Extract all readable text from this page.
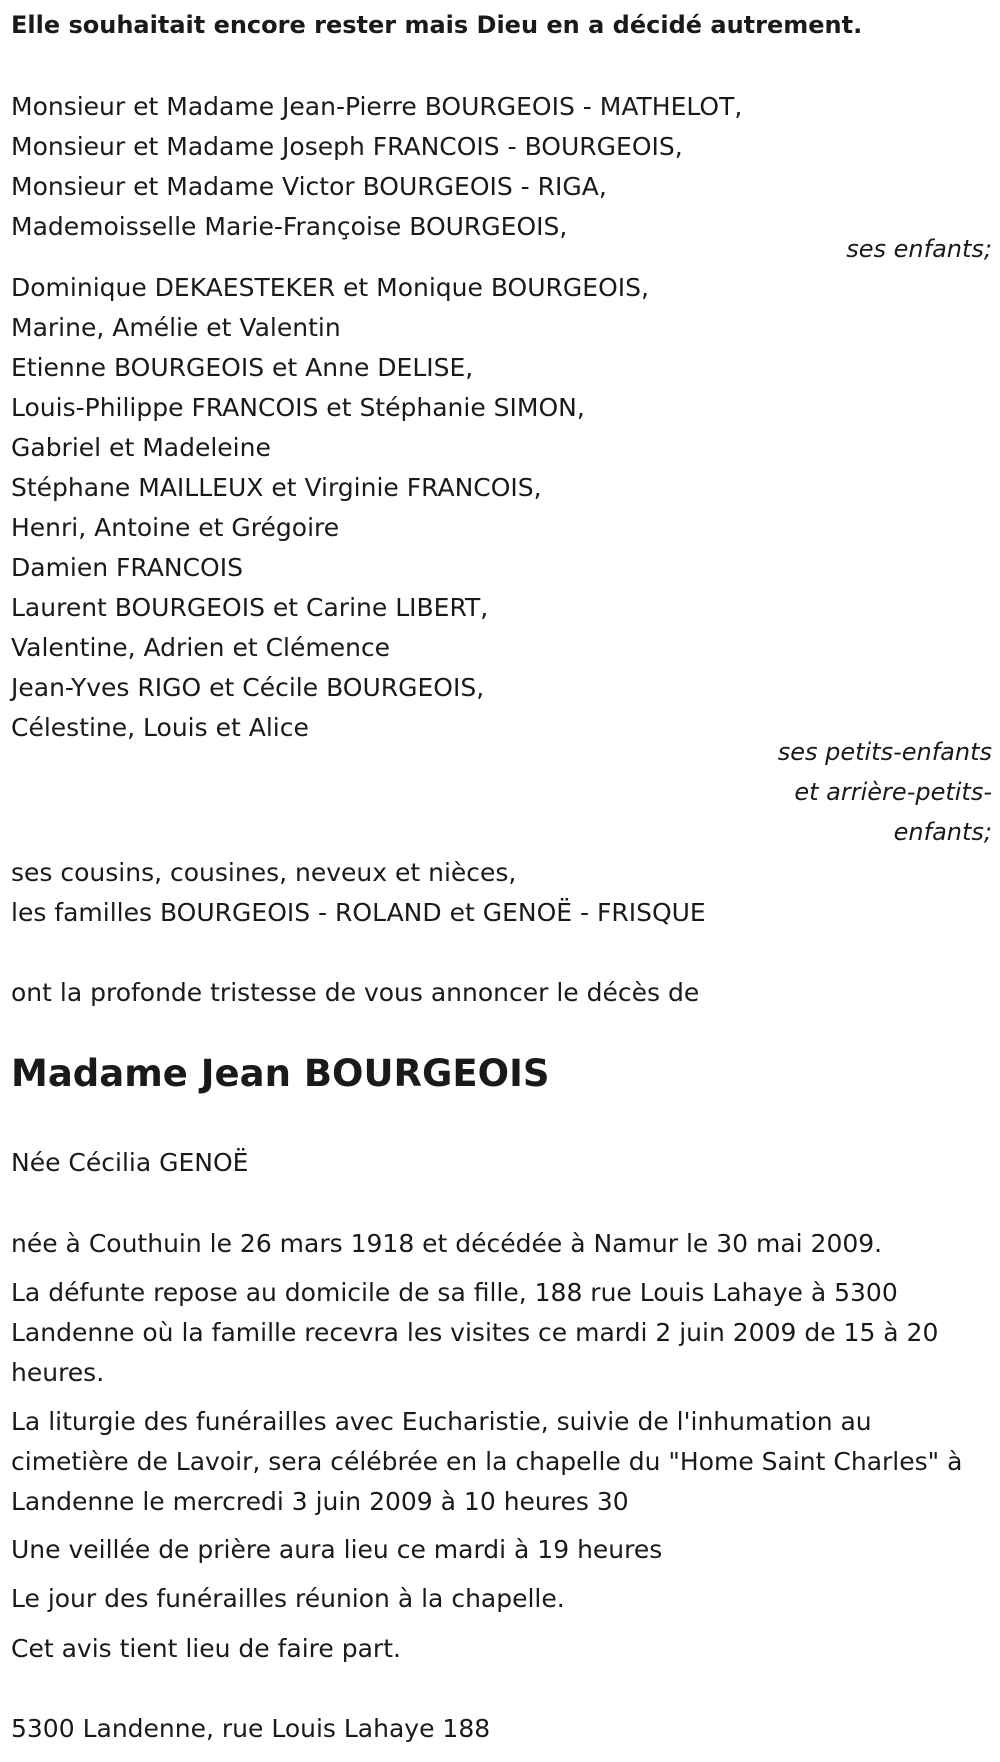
Elle souhaitait encore rester mais Dieu en a décidé autrement.
Monsieur et Madame Jean-Pierre BOURGEOIS - MATHELOT,
Monsieur et Madame Joseph FRANCOIS - BOURGEOIS,
Monsieur et Madame Victor BOURGEOIS - RIGA,
Mademoisselle Marie-Françoise BOURGEOIS,
ses enfants;
Dominique DEKAESTEKER et Monique BOURGEOIS,
Marine, Amélie et Valentin
Etienne BOURGEOIS et Anne DELISE,
Louis-Philippe FRANCOIS et Stéphanie SIMON,
Gabriel et Madeleine
Stéphane MAILLEUX et Virginie FRANCOIS,
Henri, Antoine et Grégoire
Damien FRANCOIS
Laurent BOURGEOIS et Carine LIBERT,
Valentine, Adrien et Clémence
Jean-Yves RIGO et Cécile BOURGEOIS,
Célestine, Louis et Alice
ses petits-enfants
et arrière-petits-
enfants;
ses cousins, cousines, neveux et nièces,
les familles BOURGEOIS - ROLAND et GENOË - FRISQUE
ont la profonde tristesse de vous annoncer le décès de
Madame Jean BOURGEOIS
Née Cécilia GENOË
née à Couthuin le 26 mars 1918 et décédée à Namur le 30 mai 2009.
La défunte repose au domicile de sa fille, 188 rue Louis Lahaye à 5300 Landenne où la famille recevra les visites ce mardi 2 juin 2009 de 15 à 20 heures.
La liturgie des funérailles avec Eucharistie, suivie de l'inhumation au cimetière de Lavoir, sera célébrée en la chapelle du "Home Saint Charles" à Landenne le mercredi 3 juin 2009 à 10 heures 30
Une veillée de prière aura lieu ce mardi à 19 heures
Le jour des funérailles réunion à la chapelle.
Cet avis tient lieu de faire part.
5300 Landenne, rue Louis Lahaye 188
